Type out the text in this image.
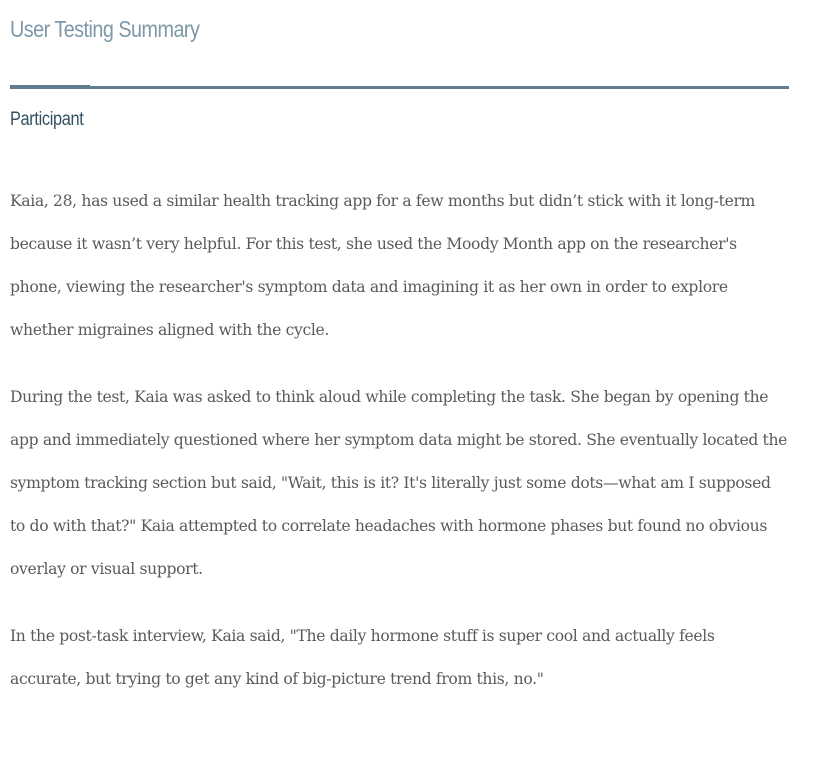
User Testing Summary
Participant

Kaia, 28, has used a similar health tracking app for a few months but didn’t stick with it long-term because it wasn’t very helpful. For this test, she used the Moody Month app on the researcher's phone, viewing the researcher's symptom data and imagining it as her own in order to explore whether migraines aligned with the cycle.

During the test, Kaia was asked to think aloud while completing the task. She began by opening the app and immediately questioned where her symptom data might be stored. She eventually located the symptom tracking section but said, "Wait, this is it? It's literally just some dots—what am I supposed to do with that?" Kaia attempted to correlate headaches with hormone phases but found no obvious overlay or visual support.

In the post-task interview, Kaia said, "The daily hormone stuff is super cool and actually feels accurate, but trying to get any kind of big-picture trend from this, no."
